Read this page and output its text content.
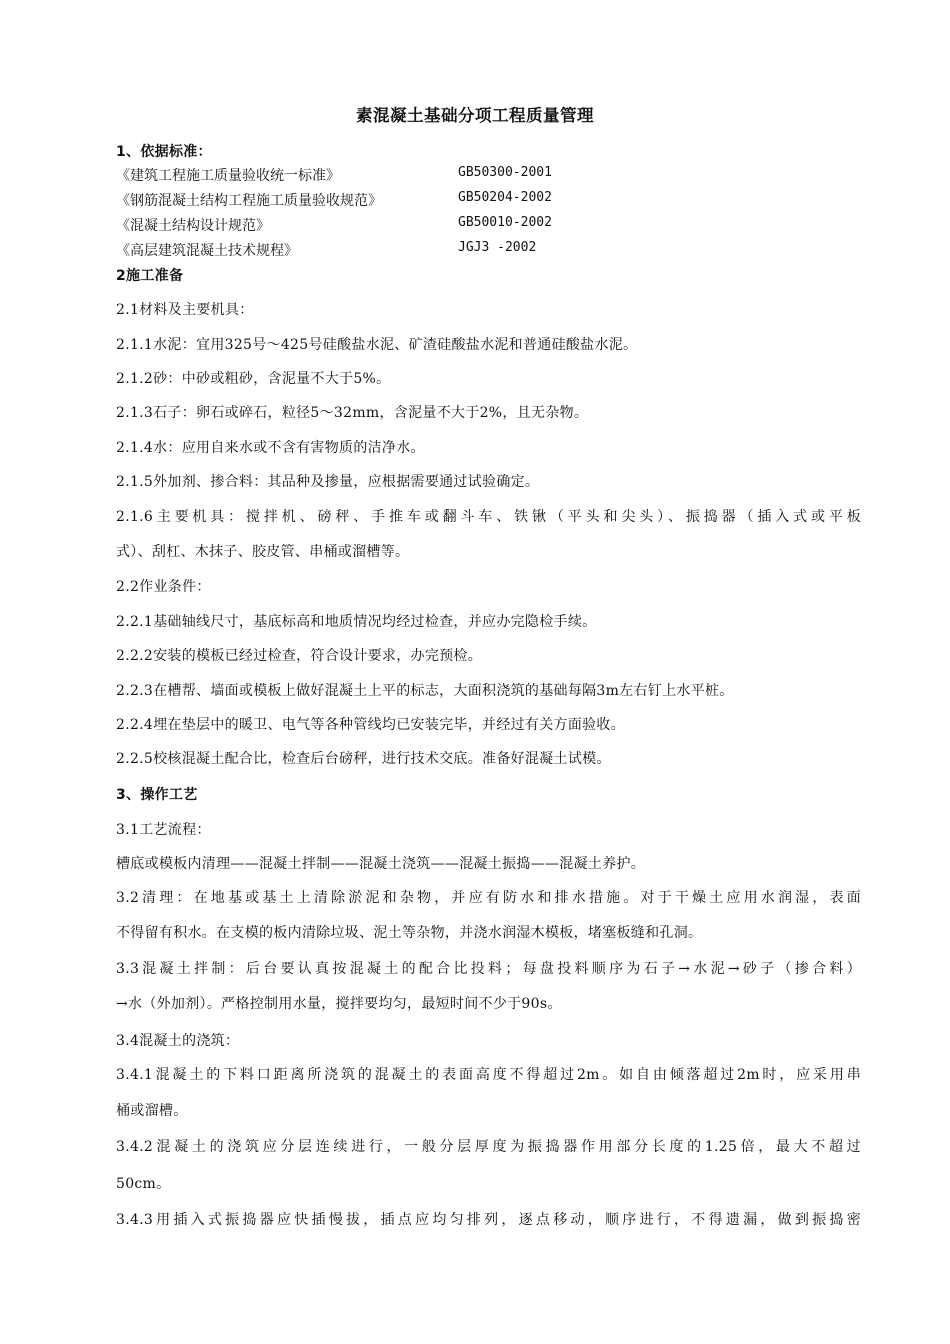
素混凝土基础分项工程质量管理
1、依据标准：
《建筑工程施工质量验收统一标准》	GB50300-2001
《钢筋混凝土结构工程施工质量验收规范》	GB50204-2002
《混凝土结构设计规范》	GB50010-2002
《高层建筑混凝土技术规程》	JGJ3 -2002
2施工准备
2.1材料及主要机具：
2.1.1水泥：宜用325号～425号硅酸盐水泥、矿渣硅酸盐水泥和普通硅酸盐水泥。
2.1.2砂：中砂或粗砂，含泥量不大于5%。
2.1.3石子：卵石或碎石，粒径5～32mm，含泥量不大于2%，且无杂物。
2.1.4水：应用自来水或不含有害物质的洁净水。
2.1.5外加剂、掺合料：其品种及掺量，应根据需要通过试验确定。
2.1.6主要机具：搅拌机、磅秤、手推车或翻斗车、铁锹（平头和尖头）、振捣器（插入式或平板
式）、刮杠、木抹子、胶皮管、串桶或溜槽等。
2.2作业条件：
2.2.1基础轴线尺寸，基底标高和地质情况均经过检查，并应办完隐检手续。
2.2.2安装的模板已经过检查，符合设计要求，办完预检。
2.2.3在槽帮、墙面或模板上做好混凝土上平的标志，大面积浇筑的基础每隔3m左右钉上水平桩。
2.2.4埋在垫层中的暖卫、电气等各种管线均已安装完毕，并经过有关方面验收。
2.2.5校核混凝土配合比，检查后台磅秤，进行技术交底。准备好混凝土试模。
3、操作工艺
3.1工艺流程：
槽底或模板内清理——混凝土拌制——混凝土浇筑——混凝土振捣——混凝土养护。
3.2清理：在地基或基土上清除淤泥和杂物，并应有防水和排水措施。对于干燥土应用水润湿，表面
不得留有积水。在支模的板内清除垃圾、泥土等杂物，并浇水润湿木模板，堵塞板缝和孔洞。
3.3混凝土拌制：后台要认真按混凝土的配合比投料；每盘投料顺序为石子→水泥→砂子（掺合料）
→水（外加剂）。严格控制用水量，搅拌要均匀，最短时间不少于90s。
3.4混凝土的浇筑：
3.4.1混凝土的下料口距离所浇筑的混凝土的表面高度不得超过2m。如自由倾落超过2m时，应采用串
桶或溜槽。
3.4.2混凝土的浇筑应分层连续进行，一般分层厚度为振捣器作用部分长度的1.25倍，最大不超过
50cm。
3.4.3用插入式振捣器应快插慢拔，插点应均匀排列，逐点移动，顺序进行，不得遗漏，做到振捣密
